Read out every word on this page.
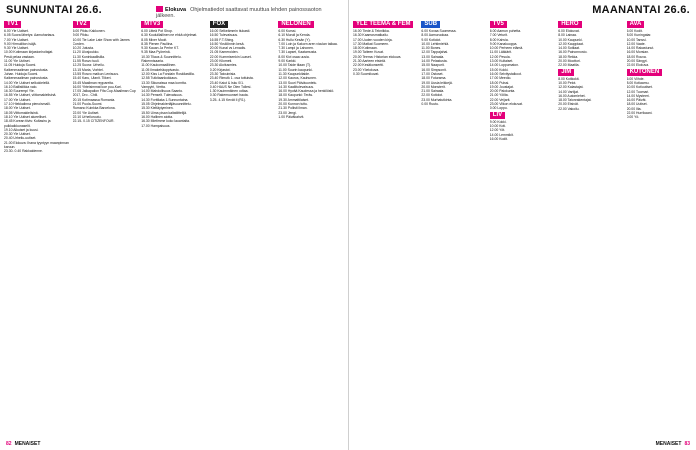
SUNNUNTAI 26.6.	Elokuva Ohjelmatiedot saattavat muuttua lehden painossaoton jälkeen.
TV1
6.00 Yle Uutiset.
6.05 Suora lähetys: Aamuhartaus.
7.00 Yle Uutiset.
9.00 Hirmuliiton isäjä.
9.30 Yle Uutiset.
10.00 Kotimaan kirjastonhoitajat.
Pesä pelaa vastaan.
11.00 Yle Uutiset.
11.05 Huiduja Suomi.
Kaikenmaailman painostusta.
Juhan. Huiduja Suomi.
Kaikenmaailman painostusta.
14.00 Yle Uutiset selkokielellä.
16.10 Ballistiikka valo.
16.30 Suurempi Yle.
16.55 Yle Uutiset, viittomakielisinä.
17.00 Yle Uutiset.
17.10 Hiekkalinna pienoismalli.
18.00 Yle Uutiset.
18.05 Viittomakielisinä.
18.10 Yle Uutiset alueelliset.
18.45 Korean tiivis: Kultasiru ja pulkkaikkunaselit.
19.10 Aikuiset ja kuusi.
20.30 Yle Uutiset.
20.40 Urheilu-uutiset.
21.00 Elokuva: Ihana tyyntyyn maanpinnan karuun.
23.30- 0.40 Rakkaidenne.
TV2
6.00 Pikku Kakkonen.
9.00 Pikku.
10.00 Tie Lake Late Show with James Corden.
10.20 Jutusta.
11.20 Ulosjoukko.
11.30 Kuninkaallisilla.
11.55 Rosvo tuuli.
12.25 Suora: Urheilu.
13.15 Maria, Vorbiel.
13.55 Rosvo maikun Lenisuus.
15.40 Karu, Ulanit. Tiikeri.
15.45 Maailman reppareita.
16.00 Yhteisimmat koe puu-Kari.
17.05 Jalkapallon Fifa Cup-Maailman Cup 2017, Dro - Chili.
20.15 Kotimaassa Romania.
21.00 Puola-Suomi.
Rumano Kuinkka Barcelona.
22.00 Yle Uutiset.
22.10 Urheiluruutu.
22.15- 0.15 CITIZENFOUR.
MTV3
6.00 Litteä Pot Shop.
6.30 Kouluillallinen ne ehkä ohjelmat.
8.05 Mixer Mooit.
8.35 Pienen Pauliina.
9.30 Kauan Ja Perhe KT.
9.35 Maa Pyöreinä.
10.30 Tilaus & Suunnittelu.
Rakennisaaria.
11.00 Kaukomaalliinen.
11.05 Ilmakehäoppivasto.
12.00 Kiss La Fondain Roskilastilla.
12.55 Tutkitaankokkaus.
13.30 Sikunaissa maa korntta.
Vampyiri, Vertta.
14.00 Mahdollisuus Saanto.
14.30 Penselt. Tulevaisuus.
14.30 Forttilaka 1.Sunnuntaina.
15.05 Ohjelmakiertäjäsuunnittelu.
15.30 Kieltäytyminen.
15.50 Uima pisan kaltatiittelijä.
16.00 Hallinen aiotta.
16.30 Mietimme koko lauantaita.
17.00 Hampaisuus.
FOX
16.00 Selkeämmin tiukasti.
16.50 Tulevaisuus.
16.55 F.T.Shing.
16.50 Yksilöinnin kesä.
20.00 Kunal vs Lenadis.
21.05 Kameroiden.
22.00 Kummisenkin Luaset.
23.00 Kilometi.
23.30 Aloitusmies.
0.20 Kirjastot.
23.30 Tatouinisia.
23.40 Rimutk 1. osa tuttuista.
23.40 Kaiut & Isku 0/1.
0.40 HAUS Ne Olen Tollesi.
1.30 Kauimmäinen odtaa.
0.30 Rakemuunset hauta.
3.25- 4.15 Kevät Ii (R1).
NELONEN
6.00 Kurssi.
6.10 Muruli ja Kenda.
6.30 Hullu Kesän (Y).
7.00 Loin ja Kakorn aren viculan taikaa.
7.30 Lampi ja Lahonen.
7.30 Lapset, Kaatamusta.
8.00 Kivi osaa uusia.
9.00 Karkki.
10.00 Taide tilaan (T).
11.00 Suurin kaupunki.
11.30 Kaupunkitaide.
12.00 Kaurus, Kauhunen.
13.00 Suuri Päiväuuntelu.
14.30 Kaaliitulevaisuus.
16.00 Hyvää Kaudessa ja henkilöstö.
18.00 Kaupunki: Teräs.
19.30 Ammattilaiset.
20.00 Kunnon tuttu.
21.30 Poliisit ilman.
23.00 Jengi.
1.00 Päiväkahvit.
82 MENAISET
MAANANTAI 26.6.
YLE TEEMA & FEM
16.00 Tiede & Tekniikka.
16.30 Kaamosmatkailu.
17.00 Uuden vuoden kirja.
17.30 Matkat Suomeen.
18.00 Kotimaan.
19.00 Taiteen Kuvat.
20.00 Teema: Historian elokuva.
21.30 Aarteen etsintä.
22.00 Kesäkonsertti.
23.00 Yöelokuva.
0.30 Suomikuvat.
SUB
6.00 Kovaa Suomessa.
8.00 Aamuruokaa.
9.00 Kotiolot.
10.00 Lehtimiehiä.
11.00 Bones.
12.00 Tappajahai.
13.00 Sairaala.
14.00 Pelastusta.
15.00 Naapurit.
16.00 Simpsonit.
17.00 Ostoset.
18.00 Futurama.
19.00 Uusia leikkejä.
20.00 Monsterit.
21.00 Sairaala.
22.00 Kotiolot.
23.00 Murhatutkinta.
0.00 Ruutu.
TV5
6.00 Aamun puhetta.
7.00 Veturit.
8.00 Kahvia.
9.00 Kanakuoppa.
10.00 Perheen elämä.
11.00 Lääkärit.
12.00 Pesula.
13.00 Kultaiset.
14.00 Loppumaton.
15.00 Kokki.
16.00 Selvitystalkoot.
17.00 Meedio.
18.00 Pulssi.
19.00 Joustajat.
20.00 Palokunta.
21.00 Yöilta.
22.00 Veijarit.
23.00 Viikon elokuvat.
0.00 Loppu.
LIV
9.00 Kokki.
10.00 Koti.
12.00 Yöt.
14.00 Lemmikit.
16.00 Kodit.
HERO
6.00 Elokuvat.
8.00 Lainaa.
10.00 Kaupunki.
12.00 Kauppiaat.
14.00 Sotilaat.
16.00 Painonnosto.
18.00 Rekka.
20.00 Moottori.
22.00 Maatila.
JIM
8.00 Kotikokit.
10.00 Pelot.
12.00 Kalastajat.
14.00 Vartijat.
16.00 Automiehet.
18.00 Talonrakentajat.
20.00 Etsivät.
22.00 Vakoilu.
AVA
6.00 Kodit.
8.00 Kuningatar.
10.00 Tanssi.
12.00 Vaate.
14.00 Rakastunut.
16.00 Morsian.
18.00 Rouva.
20.00 Sängyt.
22.00 Elokuva.
KUTONEN
6.00 Viihde.
8.00 Kotiaamu.
10.00 Kotiuutiset.
12.00 Tuomari.
14.00 Mysteeri.
16.00 Päivät.
18.00 Uutiset.
20.00 Ilta.
22.00 Hurrikaani.
0.00 Yö.
MENAISET 83
